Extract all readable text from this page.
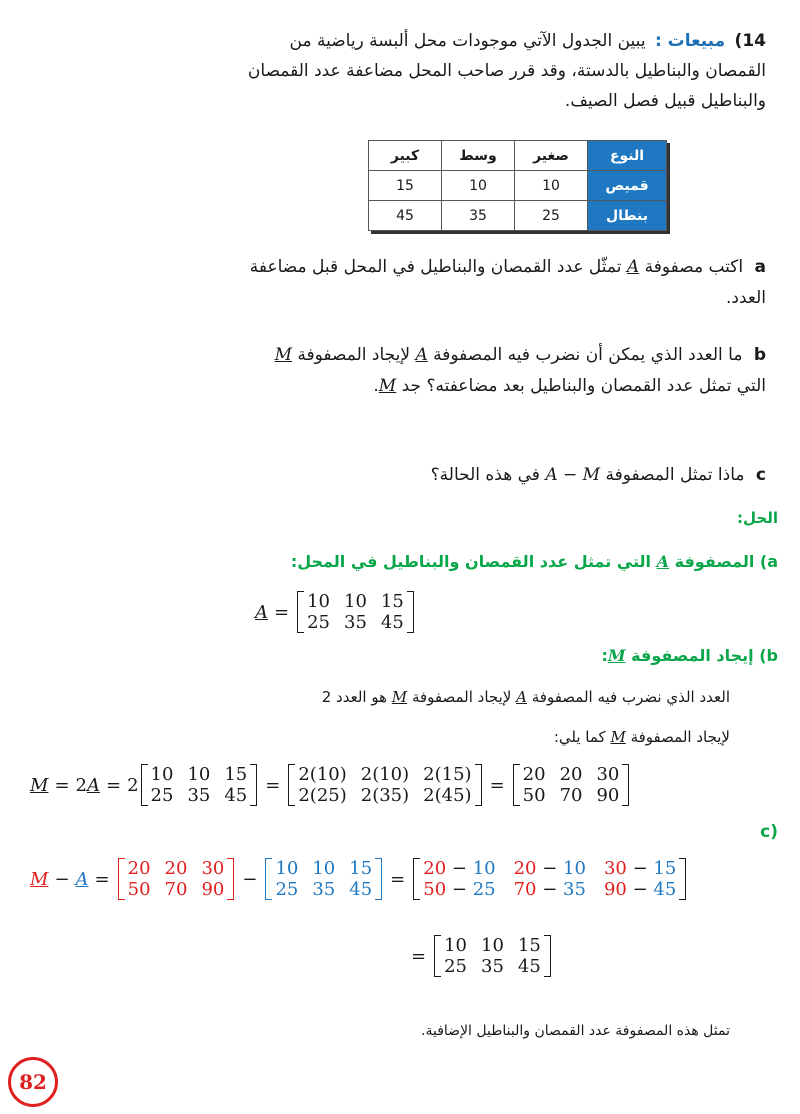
14) مبيعات : يبين الجدول الآتي موجودات محل ألبسة رياضية من القمصان والبناطيل بالدستة، وقد قرر صاحب المحل مضاعفة عدد القمصان والبناطيل قبيل فصل الصيف.
النوع	صغير	وسط	كبير
قميص	10	10	15
بنطال	25	35	45
a اكتب مصفوفة A تمثّل عدد القمصان والبناطيل في المحل قبل مضاعفة العدد.
b ما العدد الذي يمكن أن نضرب فيه المصفوفة A لإيجاد المصفوفة M التي تمثل عدد القمصان والبناطيل بعد مضاعفته؟ جد M.
c ماذا تمثل المصفوفة A − M في هذه الحالة؟
الحل:
a) المصفوفة A التي تمثل عدد القمصان والبناطيل في المحل:
A = 10 10 15
25 35 45
b) إيجاد المصفوفة M:
العدد الذي نضرب فيه المصفوفة A لإيجاد المصفوفة M هو العدد 2
لإيجاد المصفوفة M كما يلي:
M = 2 A = 2 10 10 15
25 35 45 = 2(10) 2(10) 2(15)
2(25) 2(35) 2(45) = 20 20 30
50 70 90
(c
M − A = 20 20 30
50 70 90 − 10 10 15
25 35 45 = 20 − 10 20 − 10 30 − 15
50 − 25 70 − 35 90 − 45
= 10 10 15
25 35 45
تمثل هذه المصفوفة عدد القمصان والبناطيل الإضافية.
82
